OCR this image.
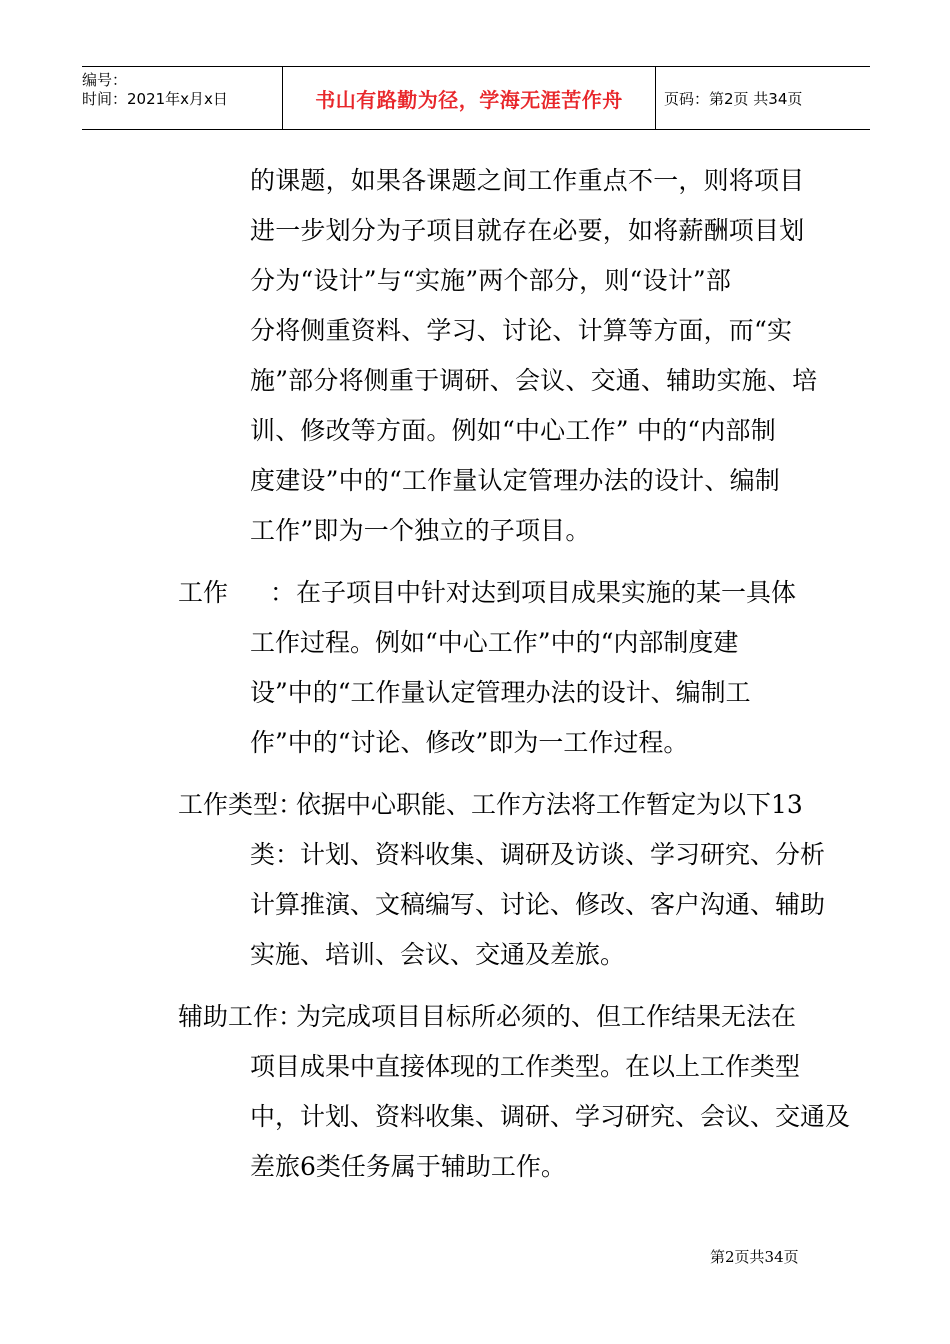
编号：
时间：2021年x月x日	书山有路勤为径，学海无涯苦作舟	页码：第2页 共34页
的课题，如果各课题之间工作重点不一，则将项目
进一步划分为子项目就存在必要，如将薪酬项目划
分为“设计”与“实施”两个部分，则“设计”部
分将侧重资料、学习、讨论、计算等方面，而“实
施”部分将侧重于调研、会议、交通、辅助实施、培
训、修改等方面。例如“中心工作” 中的“内部制
度建设”中的“工作量认定管理办法的设计、编制
工作”即为一个独立的子项目。
工作 ： 在子项目中针对达到项目成果实施的某一具体
工作过程。例如“中心工作”中的“内部制度建
设”中的“工作量认定管理办法的设计、编制工
作”中的“讨论、修改”即为一工作过程。
工作类型 ：
依据中心职能、工作方法将工作暂定为以下13
类：计划、资料收集、调研及访谈、学习研究、分析
计算推演、文稿编写、讨论、修改、客户沟通、辅助
实施、培训、会议、交通及差旅。
辅助工作 ：
为完成项目目标所必须的、但工作结果无法在
项目成果中直接体现的工作类型。在以上工作类型
中，计划、资料收集、调研、学习研究、会议、交通及
差旅6类任务属于辅助工作。
第2页共34页
